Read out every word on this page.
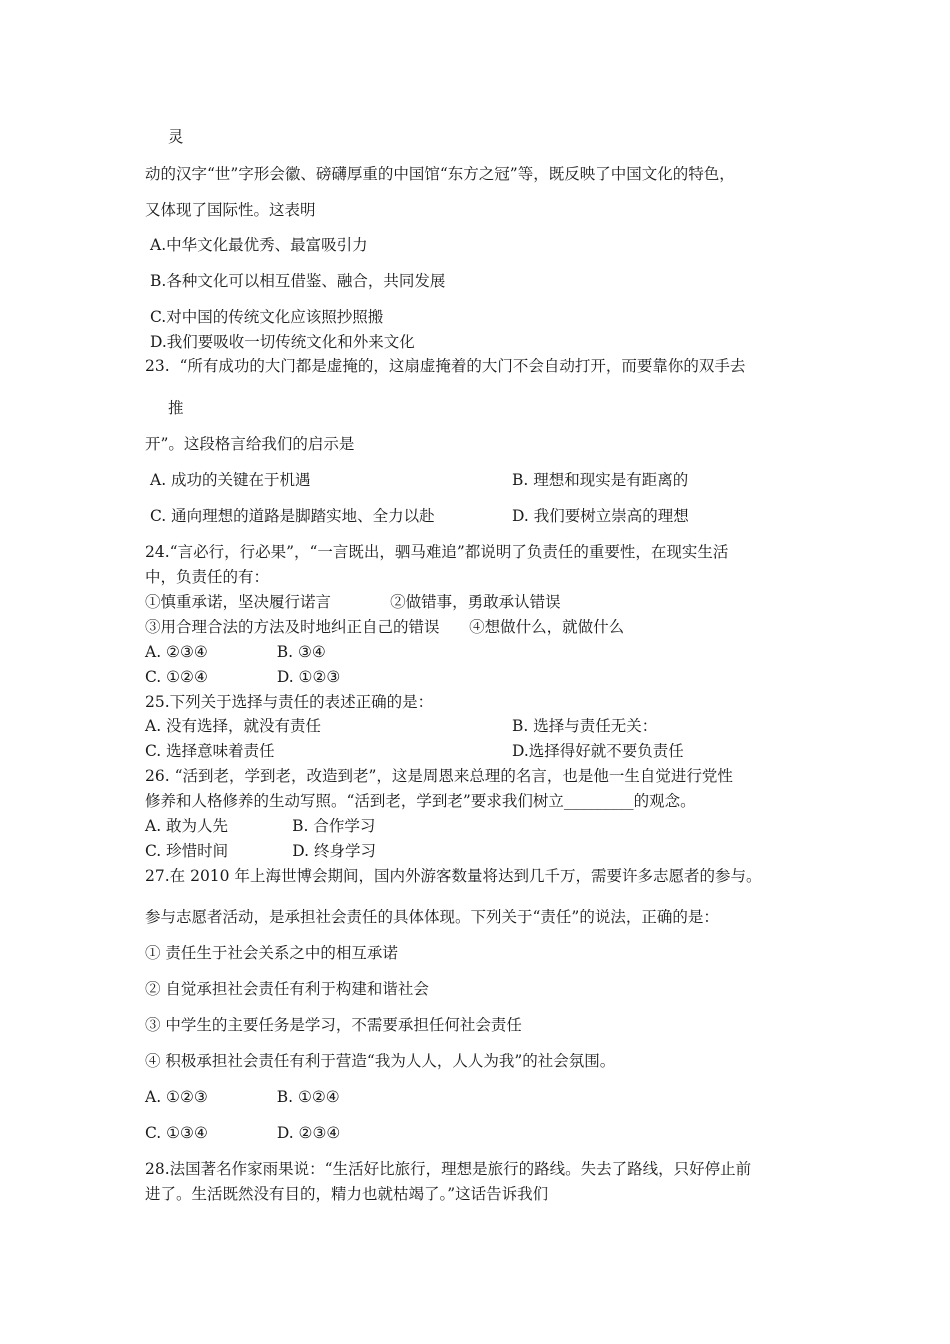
灵
动的汉字“世”字形会徽、磅礴厚重的中国馆“东方之冠”等，既反映了中国文化的特色，
又体现了国际性。这表明
A.中华文化最优秀、最富吸引力
B.各种文化可以相互借鉴、融合，共同发展
C.对中国的传统文化应该照抄照搬
D.我们要吸收一切传统文化和外来文化
23.  “所有成功的大门都是虚掩的，这扇虚掩着的大门不会自动打开，而要靠你的双手去
推
开”。这段格言给我们的启示是
A. 成功的关键在于机遇	B. 理想和现实是有距离的
C. 通向理想的道路是脚踏实地、全力以赴	D. 我们要树立崇高的理想
24.“言必行，行必果”，“一言既出，驷马难追”都说明了负责任的重要性，在现实生活
中，负责任的有：
①慎重承诺，坚决履行诺言            ②做错事，勇敢承认错误
③用合理合法的方法及时地纠正自己的错误      ④想做什么，就做什么
A. ②③④              B. ③④
C. ①②④              D. ①②③
25.下列关于选择与责任的表述正确的是：
A. 没有选择，就没有责任	B. 选择与责任无关：
C. 选择意味着责任	D.选择得好就不要负责任
26. “活到老，学到老，改造到老”，这是周恩来总理的名言，也是他一生自觉进行党性
修养和人格修养的生动写照。“活到老，学到老”要求我们树立_________的观念。
A. 敢为人先             B. 合作学习
C. 珍惜时间             D. 终身学习
27.在 2010 年上海世博会期间，国内外游客数量将达到几千万，需要许多志愿者的参与。
参与志愿者活动，是承担社会责任的具体体现。下列关于“责任”的说法，正确的是：
① 责任生于社会关系之中的相互承诺
② 自觉承担社会责任有利于构建和谐社会
③ 中学生的主要任务是学习，不需要承担任何社会责任
④ 积极承担社会责任有利于营造“我为人人，人人为我”的社会氛围。
A. ①②③              B. ①②④
C. ①③④              D. ②③④
28.法国著名作家雨果说：“生活好比旅行，理想是旅行的路线。失去了路线，只好停止前
进了。生活既然没有目的，精力也就枯竭了。”这话告诉我们
